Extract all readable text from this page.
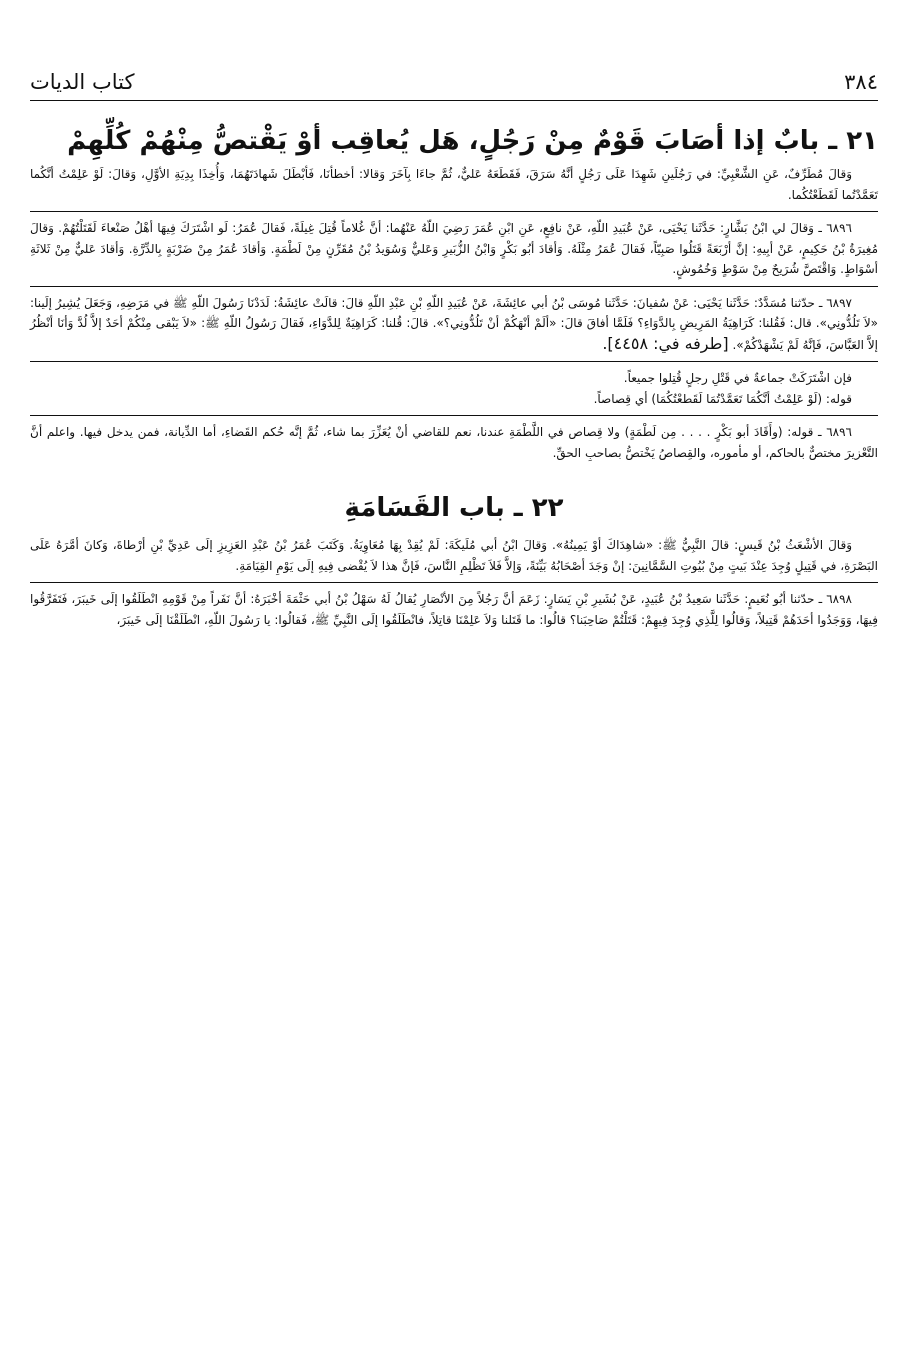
٣٨٤
كتاب الديات
٢١ ـ بابٌ إذا أصَابَ قَوْمٌ مِنْ رَجُلٍ، هَل يُعاقِب أوْ يَقْتصُّ مِنْهُمْ كُلِّهِمْ

وَقالَ مُطَرِّفٌ، عَنِ الشَّعْبِيِّ: في رَجُلَينِ شَهِدَا عَلَى رَجُلٍ أنَّهُ سَرَقَ، فَقَطَعَهُ عَليٌّ، ثُمَّ جاءَا بِآخَرَ وَقالا: أخطأنَا، فَأبْطَلَ شَهادَتَهُمَا، وَأُخِذَا بِدِيَةِ الأوَّلِ، وَقالَ: لَوْ عَلِمْتُ أنَّكُما تَعَمَّدْتُما لَقَطَعْتُكُما.

٦٨٩٦ ـ وَقالَ لي ابْنُ بَشَّارٍ: حَدَّثَنا يَحْيَى، عَنْ عُبَيدِ اللّهِ، عَنْ نافِعٍ، عَنِ ابْنِ عُمَرَ رَضِيَ اللّهُ عَنْهُما: أنَّ غُلاماً قُتِلَ غِيلَةً، فَقالَ عُمَرُ: لَو اشْتَرَكَ فِيهَا أهْلُ صَنْعاءَ لَقَتَلْتُهُمْ. وَقالَ مُغِيرَةُ بْنُ حَكِيمٍ، عَنْ أبِيهِ: إنَّ أرْبَعَةً قَتَلُوا صَبِيّاً، فَقالَ عُمَرُ مِثْلَهُ. وَأقادَ أبُو بَكْرٍ وَابْنُ الزُّبَيرِ وَعَليٌّ وَسُوَيدُ بْنُ مُقَرِّنٍ مِنْ لَطْمَةٍ. وَأقادَ عُمَرُ مِنْ ضَرْبَةٍ بِالدِّرَّةِ. وَأقادَ عَليٌّ مِنْ ثَلاثَةِ أسْوَاطٍ. وَاقْتَصَّ شُرَيحٌ مِنْ سَوْطٍ وَخُمُوشٍ.

٦٨٩٧ ـ حدّثنا مُسَدَّدٌ: حَدَّثَنا يَحْيَى: عَنْ سُفيانَ: حَدَّثَنا مُوسَى بْنُ أبي عائِشَةَ، عَنْ عُبَيدِ اللّهِ بْنِ عَبْدِ اللّهِ قالَ: قالَتْ عائِشَةُ: لَدَدْنَا رَسُولَ اللّهِ ﷺ في مَرَضِهِ، وَجَعَلَ يُشِيرُ إلَينا: «لاَ تَلُدُّونِي». قال: فَقُلنا: كَرَاهِيَةُ المَرِيضِ بِالدَّوَاءِ؟ فَلَمَّا أفاقَ قالَ: «ألَمْ أنْهَكُمْ أنْ تَلُدُّونِي؟». قالَ: قُلنا: كَرَاهِيَةٌ لِلدَّوَاءِ، فَقالَ رَسُولُ اللّهِ ﷺ: «لاَ يَبْقى مِنْكُمْ أحَدٌ إلاَّ لُدَّ وَأنَا أنْظُرُ إلاَّ العَبَّاسَ، فَإنَّهُ لَمْ يَشْهَدْكُمْ». [طرفه في: ٤٤٥٨].

فإن اشْتَرَكَتْ جماعةٌ في قَتْلِ رجلٍ قُتِلوا جميعاً.

قوله: (لَوْ عَلِمْتُ أنَّكُمَا تَعَمَّدْتُمَا لَقَطعْتُكُمَا) أي قِصاصاً.

٦٨٩٦ ـ قوله: (وأَقَادَ أبو بَكْرٍ . . . . مِن لَطْمَةٍ) ولا قِصاص في اللَّطْمَةِ عندنا، نعم للقاضي أنْ يُعَزِّرَ بما شاء، ثُمَّ إنَّه حُكم القَضاءِ، أما الدِّيانة، فمن يدخل فيها. واعلم أنَّ التَّعْزيرَ مختصٌّ بالحاكم، أو مأموره، والقِصاصُ يَخْتصُّ بصاحبِ الحقِّ.

٢٢ ـ باب القَسَامَةِ

وَقالَ الأشْعَثُ بْنُ قَيسٍ: قالَ النَّبِيُّ ﷺ: «شاهِدَاكَ أوْ يَمِينُهُ». وَقالَ ابْنُ أبي مُلَيكَةَ: لَمْ يُقِدْ بِهَا مُعَاوِيَةُ. وَكَتَبَ عُمَرُ بْنُ عَبْدِ العَزِيزِ إلَى عَدِيِّ بْنِ أرْطاةَ، وَكانَ أمَّرَهُ عَلَى البَصْرَةِ، في قَتِيلٍ وُجِدَ عِنْدَ بَيتٍ مِنْ بُيُوتِ السَّمَّانِينَ: إنْ وَجَدَ أصْحَابُهُ بَيِّنَةً، وَإلاَّ فَلاَ تَظْلِمِ النَّاسَ، فَإنَّ هذا لاَ يُقْضى فِيهِ إلَى يَوْمِ القِيَامَةِ.

٦٨٩٨ ـ حدّثنا أبُو نُعَيمٍ: حَدَّثَنا سَعِيدُ بْنُ عُبَيدٍ، عَنْ بُشَيرِ بْنِ يَسَارٍ: زَعَمَ أنَّ رَجُلاً مِنَ الأنْصَارِ يُقالُ لَهُ سَهْلُ بْنُ أبي حَثْمَةَ أخْبَرَهُ: أنَّ نَفَراً مِنْ قَوْمِهِ انْطَلَقُوا إلَى خَيبَرَ، فَتَفَرَّقُوا فِيهَا، وَوَجَدُوا أحَدَهُمْ قَتِيلاً، وَقالُوا لِلَّذِي وُجِدَ فِيهِمْ: قَتَلْتُمْ صَاحِبَنا؟ قالُوا: ما قَتَلنا وَلاَ عَلِمْنَا قاتِلاً، فانْطَلَقُوا إلَى النَّبِيِّ ﷺ، فَقالُوا: يا رَسُولَ اللّهِ، انْطَلَقْنَا إلَى خَيبَرَ،
